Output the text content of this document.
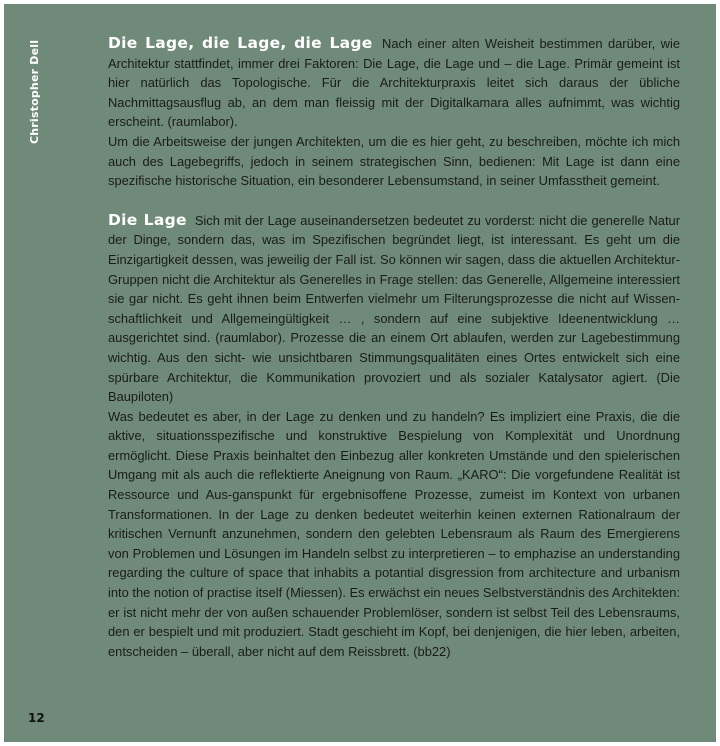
Christopher Dell	Die Lage, die Lage, die Lage Nach einer alten Weisheit bestimmen darüber, wie Architektur stattfindet, immer drei Faktoren: Die Lage, die Lage und – die Lage. Primär gemeint ist hier natürlich das Topologische. Für die Architekturpraxis leitet sich daraus der übliche Nachmittagsausflug ab, an dem man fleissig mit der Digitalkamara alles aufnimmt, was wichtig erscheint. (raumlabor).

Um die Arbeitsweise der jungen Architekten, um die es hier geht, zu beschreiben, möchte ich mich auch des Lagebegriffs, jedoch in seinem strategischen Sinn, bedienen: Mit Lage ist dann eine spezifische historische Situation, ein besonderer Lebensumstand, in seiner Umfasstheit gemeint.

Die Lage Sich mit der Lage auseinandersetzen bedeutet zu vorderst: nicht die generelle Natur der Dinge, sondern das, was im Spezifischen begründet liegt, ist interessant. Es geht um die Einzigartigkeit dessen, was jeweilig der Fall ist. So können wir sagen, dass die aktuellen Architektur-Gruppen nicht die Architektur als Generelles in Frage stellen: das Generelle, Allgemeine interessiert sie gar nicht. Es geht ihnen beim Entwerfen vielmehr um Filterungsprozesse die nicht auf Wissen-schaftlichkeit und Allgemeingültigkeit … , sondern auf eine subjektive Ideenentwicklung … ausgerichtet sind. (raumlabor). Prozesse die an einem Ort ablaufen, werden zur Lagebestimmung wichtig. Aus den sicht- wie unsichtbaren Stimmungsqualitäten eines Ortes entwickelt sich eine spürbare Architektur, die Kommunikation provoziert und als sozialer Katalysator agiert. (Die Baupiloten)

Was bedeutet es aber, in der Lage zu denken und zu handeln? Es impliziert eine Praxis, die die aktive, situationsspezifische und konstruktive Bespielung von Komplexität und Unordnung ermöglicht. Diese Praxis beinhaltet den Einbezug aller konkreten Umstände und den spielerischen Umgang mit als auch die reflektierte Aneignung von Raum. „KARO“: Die vorgefundene Realität ist Ressource und Aus-ganspunkt für ergebnisoffene Prozesse, zumeist im Kontext von urbanen Transformationen. In der Lage zu denken bedeutet weiterhin keinen externen Rationalraum der kritischen Vernunft anzunehmen, sondern den gelebten Lebensraum als Raum des Emergierens von Problemen und Lösungen im Handeln selbst zu interpretieren – to emphazise an understanding regarding the culture of space that inhabits a potantial disgression from architecture and urbanism into the notion of practise itself (Miessen). Es erwächst ein neues Selbstverständnis des Architekten: er ist nicht mehr der von außen schauender Problemlöser, sondern ist selbst Teil des Lebensraums, den er bespielt und mit produziert. Stadt geschieht im Kopf, bei denjenigen, die hier leben, arbeiten, entscheiden – überall, aber nicht auf dem Reissbrett. (bb22)

12
